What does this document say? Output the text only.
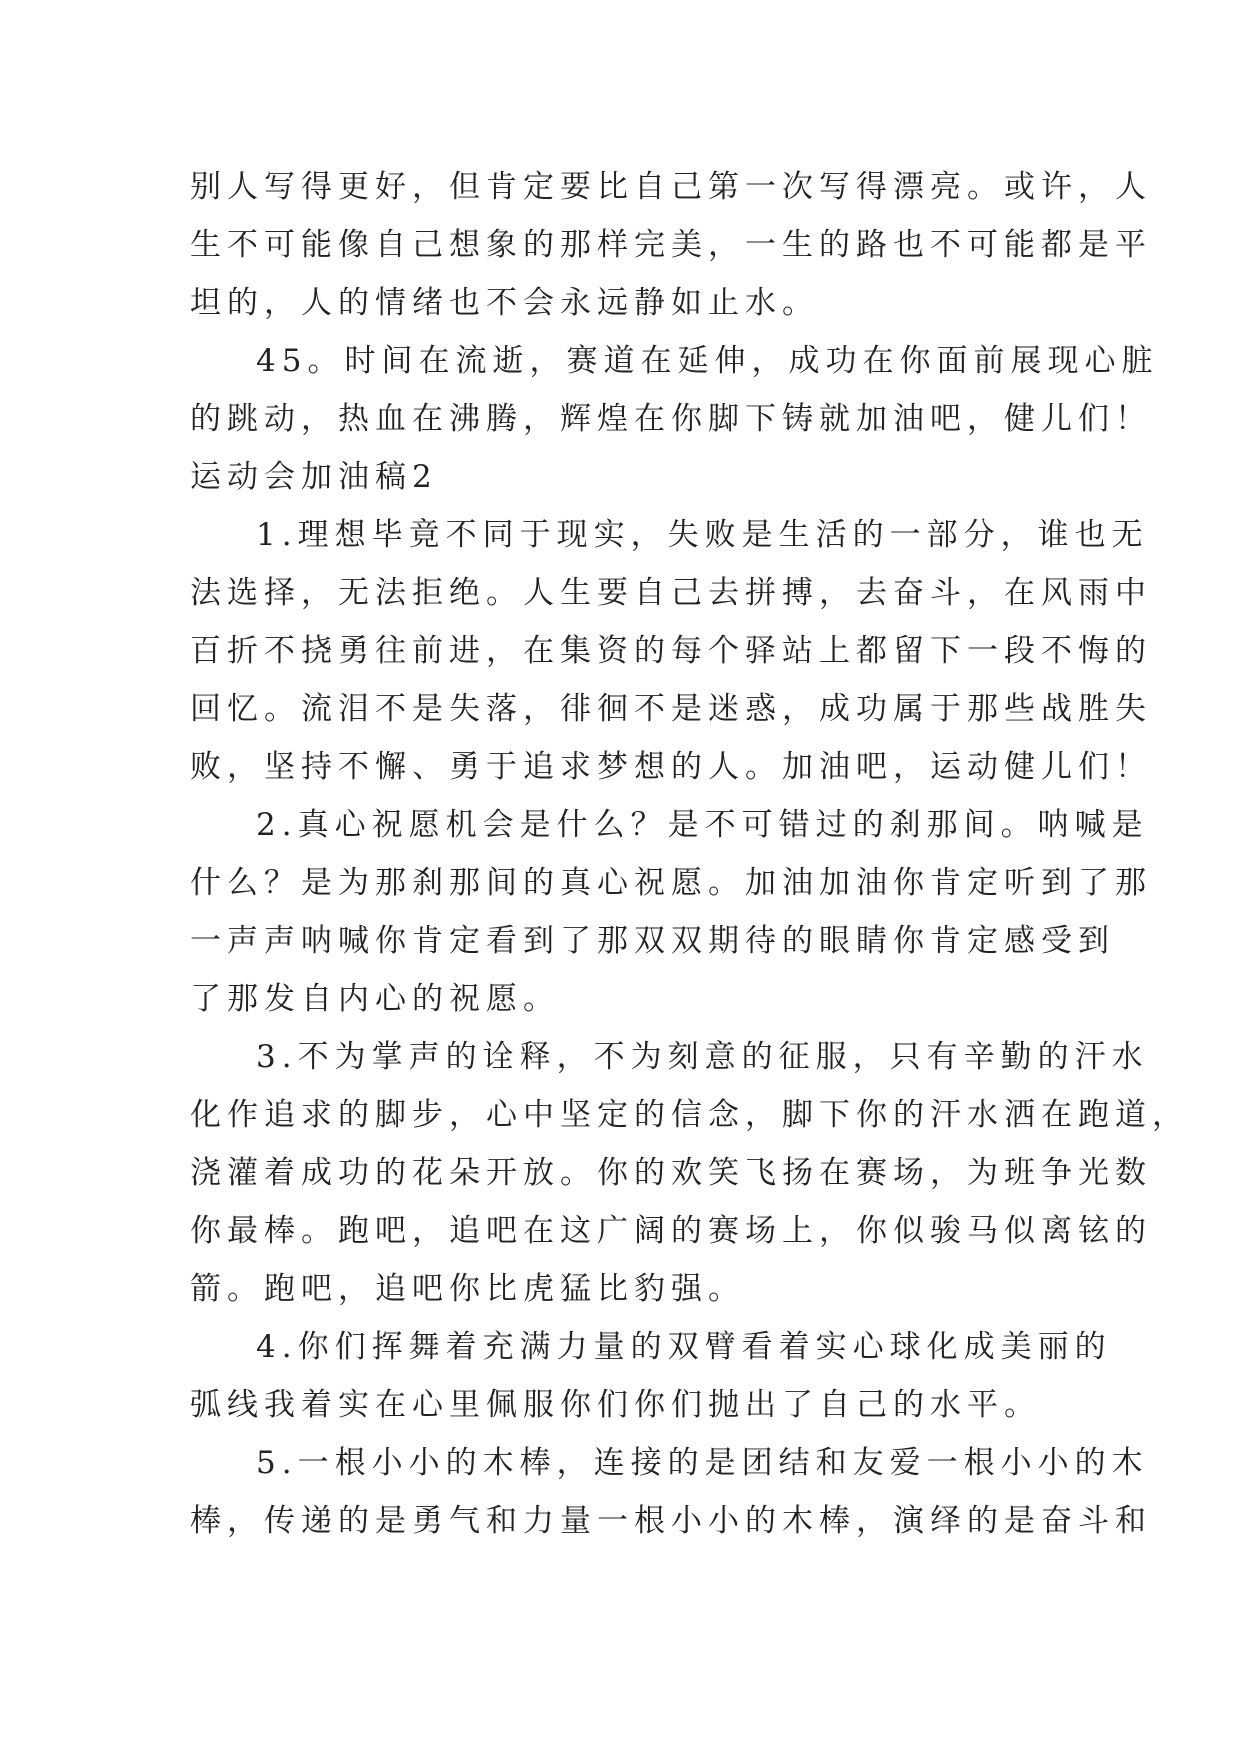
别人写得更好，但肯定要比自己第一次写得漂亮。或许，人

生不可能像自己想象的那样完美，一生的路也不可能都是平

坦的，人的情绪也不会永远静如止水。

45。时间在流逝，赛道在延伸，成功在你面前展现心脏

的跳动，热血在沸腾，辉煌在你脚下铸就加油吧，健儿们！

运动会加油稿2

1.理想毕竟不同于现实，失败是生活的一部分，谁也无

法选择，无法拒绝。人生要自己去拼搏，去奋斗，在风雨中

百折不挠勇往前进，在集资的每个驿站上都留下一段不悔的

回忆。流泪不是失落，徘徊不是迷惑，成功属于那些战胜失

败，坚持不懈、勇于追求梦想的人。加油吧，运动健儿们！

2.真心祝愿机会是什么？是不可错过的刹那间。呐喊是

什么？是为那刹那间的真心祝愿。加油加油你肯定听到了那

一声声呐喊你肯定看到了那双双期待的眼睛你肯定感受到

了那发自内心的祝愿。

3.不为掌声的诠释，不为刻意的征服，只有辛勤的汗水

化作追求的脚步，心中坚定的信念，脚下你的汗水洒在跑道，

浇灌着成功的花朵开放。你的欢笑飞扬在赛场，为班争光数

你最棒。跑吧，追吧在这广阔的赛场上，你似骏马似离铉的

箭。跑吧，追吧你比虎猛比豹强。

4.你们挥舞着充满力量的双臂看着实心球化成美丽的

弧线我着实在心里佩服你们你们抛出了自己的水平。

5.一根小小的木棒，连接的是团结和友爱一根小小的木

棒，传递的是勇气和力量一根小小的木棒，演绎的是奋斗和
